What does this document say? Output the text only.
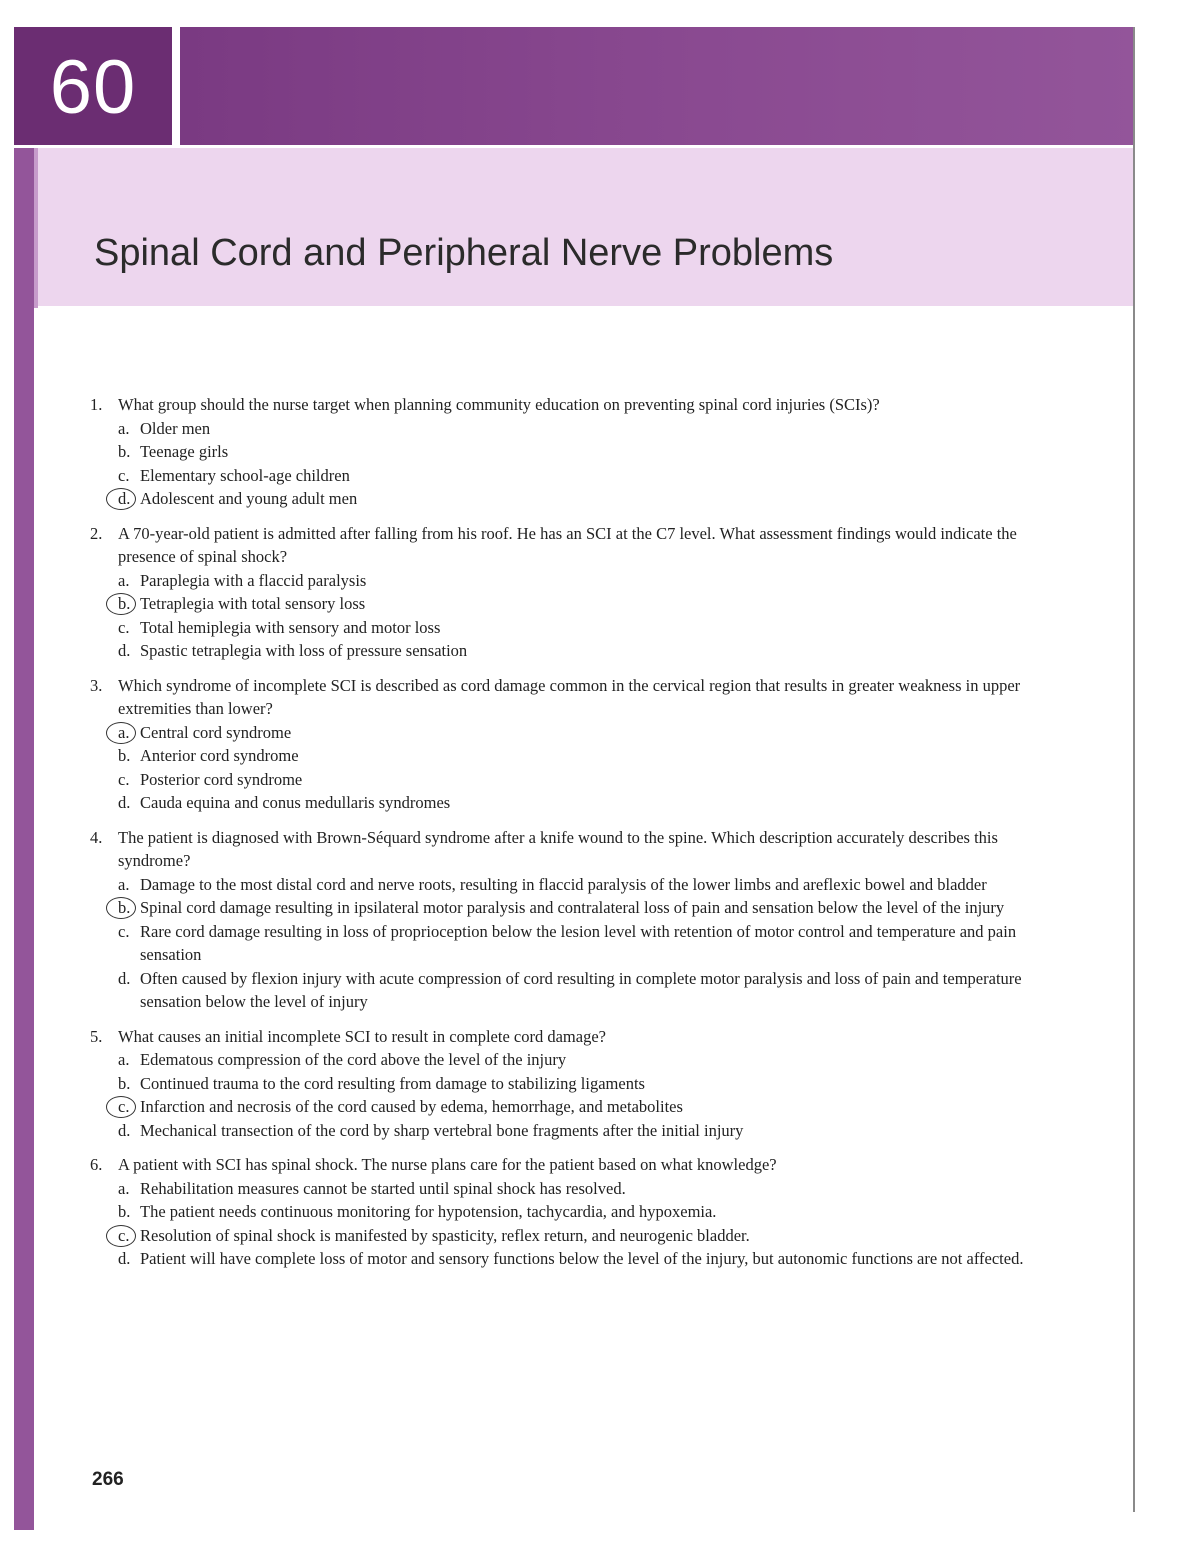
60
Spinal Cord and Peripheral Nerve Problems
1. What group should the nurse target when planning community education on preventing spinal cord injuries (SCIs)?
a. Older men
b. Teenage girls
c. Elementary school-age children
d. Adolescent and young adult men
2. A 70-year-old patient is admitted after falling from his roof. He has an SCI at the C7 level. What assessment findings would indicate the presence of spinal shock?
a. Paraplegia with a flaccid paralysis
b. Tetraplegia with total sensory loss
c. Total hemiplegia with sensory and motor loss
d. Spastic tetraplegia with loss of pressure sensation
3. Which syndrome of incomplete SCI is described as cord damage common in the cervical region that results in greater weakness in upper extremities than lower?
a. Central cord syndrome
b. Anterior cord syndrome
c. Posterior cord syndrome
d. Cauda equina and conus medullaris syndromes
4. The patient is diagnosed with Brown-Séquard syndrome after a knife wound to the spine. Which description accurately describes this syndrome?
a. Damage to the most distal cord and nerve roots, resulting in flaccid paralysis of the lower limbs and areflexic bowel and bladder
b. Spinal cord damage resulting in ipsilateral motor paralysis and contralateral loss of pain and sensation below the level of the injury
c. Rare cord damage resulting in loss of proprioception below the lesion level with retention of motor control and temperature and pain sensation
d. Often caused by flexion injury with acute compression of cord resulting in complete motor paralysis and loss of pain and temperature sensation below the level of injury
5. What causes an initial incomplete SCI to result in complete cord damage?
a. Edematous compression of the cord above the level of the injury
b. Continued trauma to the cord resulting from damage to stabilizing ligaments
c. Infarction and necrosis of the cord caused by edema, hemorrhage, and metabolites
d. Mechanical transection of the cord by sharp vertebral bone fragments after the initial injury
6. A patient with SCI has spinal shock. The nurse plans care for the patient based on what knowledge?
a. Rehabilitation measures cannot be started until spinal shock has resolved.
b. The patient needs continuous monitoring for hypotension, tachycardia, and hypoxemia.
c. Resolution of spinal shock is manifested by spasticity, reflex return, and neurogenic bladder.
d. Patient will have complete loss of motor and sensory functions below the level of the injury, but autonomic functions are not affected.
266
